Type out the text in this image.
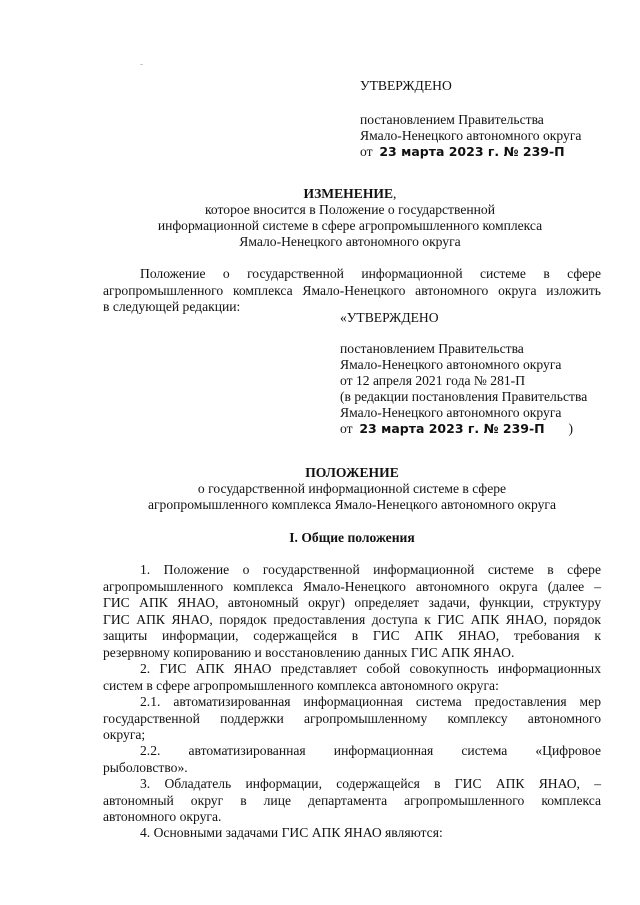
УТВЕРЖДЕНО
постановлением Правительства
Ямало-Ненецкого автономного округа
от 23 марта 2023 г. № 239-П
ИЗМЕНЕНИЕ,
которое вносится в Положение о государственной
информационной системе в сфере агропромышленного комплекса
Ямало-Ненецкого автономного округа
Положение о государственной информационной системе в сфере
агропромышленного комплекса Ямало-Ненецкого автономного округа изложить
в следующей редакции:
«УТВЕРЖДЕНО
постановлением Правительства
Ямало-Ненецкого автономного округа
от 12 апреля 2021 года № 281-П
(в редакции постановления Правительства
Ямало-Ненецкого автономного округа
от 23 марта 2023 г. № 239-П )
ПОЛОЖЕНИЕ
о государственной информационной системе в сфере
агропромышленного комплекса Ямало-Ненецкого автономного округа
I. Общие положения
1. Положение о государственной информационной системе в сфере
агропромышленного комплекса Ямало-Ненецкого автономного округа (далее –
ГИС АПК ЯНАО, автономный округ) определяет задачи, функции, структуру
ГИС АПК ЯНАО, порядок предоставления доступа к ГИС АПК ЯНАО, порядок
защиты информации, содержащейся в ГИС АПК ЯНАО, требования к
резервному копированию и восстановлению данных ГИС АПК ЯНАО.
2. ГИС АПК ЯНАО представляет собой совокупность информационных
систем в сфере агропромышленного комплекса автономного округа:
2.1. автоматизированная информационная система предоставления мер
государственной поддержки агропромышленному комплексу автономного
округа;
2.2. автоматизированная информационная система «Цифровое
рыболовство».
3. Обладатель информации, содержащейся в ГИС АПК ЯНАО, –
автономный округ в лице департамента агропромышленного комплекса
автономного округа.
4. Основными задачами ГИС АПК ЯНАО являются:
